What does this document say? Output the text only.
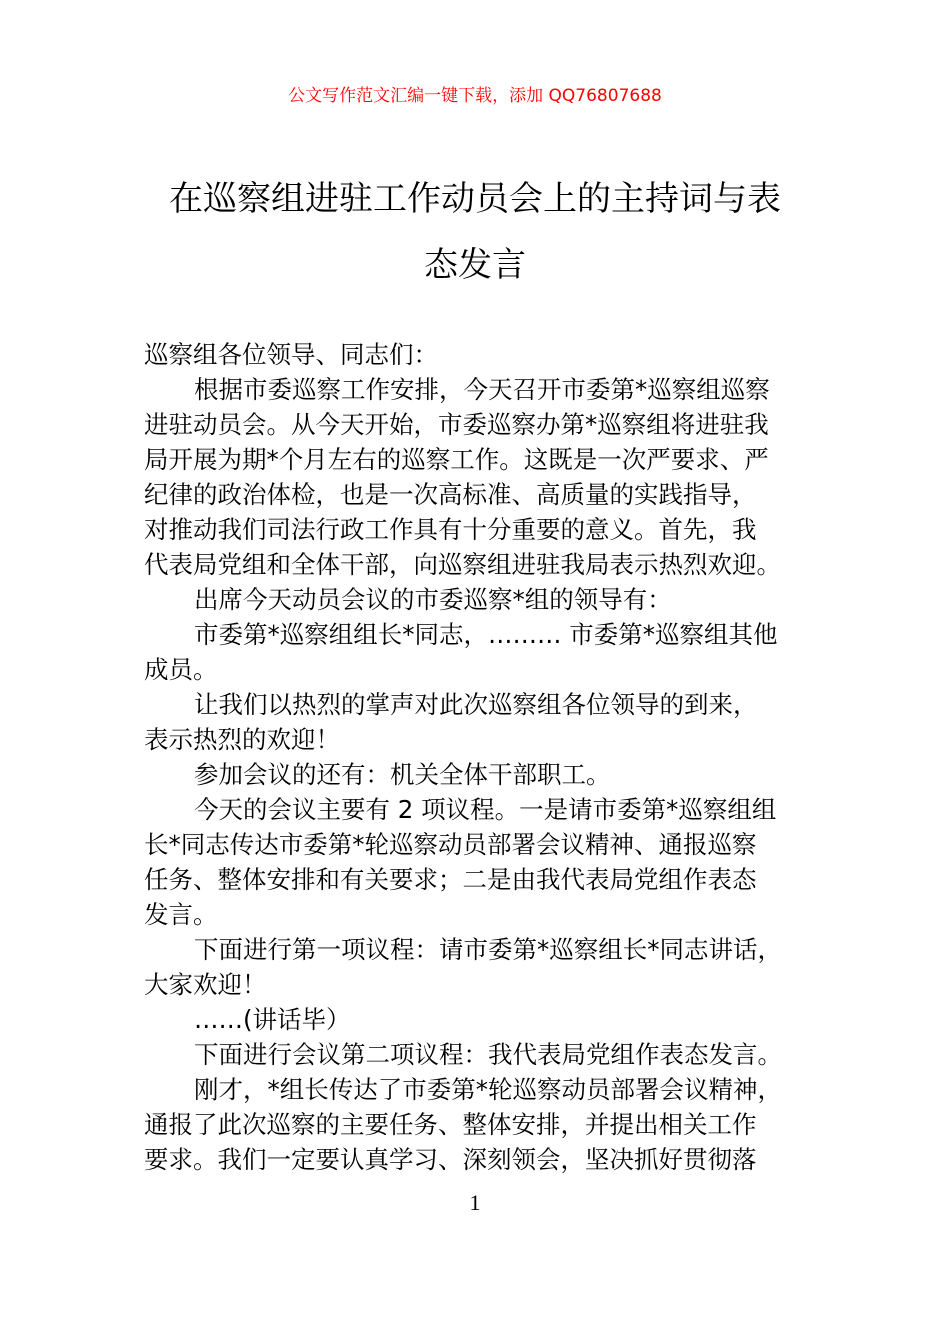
公文写作范文汇编一键下载，添加 QQ76807688
在巡察组进驻工作动员会上的主持词与表
态发言
巡察组各位领导、同志们：
根据市委巡察工作安排，今天召开市委第*巡察组巡察
进驻动员会。从今天开始，市委巡察办第*巡察组将进驻我
局开展为期*个月左右的巡察工作。这既是一次严要求、严
纪律的政治体检，也是一次高标准、高质量的实践指导，
对推动我们司法行政工作具有十分重要的意义。首先，我
代表局党组和全体干部，向巡察组进驻我局表示热烈欢迎。
出席今天动员会议的市委巡察*组的领导有：
市委第*巡察组组长*同志，……… 市委第*巡察组其他
成员。
让我们以热烈的掌声对此次巡察组各位领导的到来，
表示热烈的欢迎！
参加会议的还有：机关全体干部职工。
今天的会议主要有 2 项议程。一是请市委第*巡察组组
长*同志传达市委第*轮巡察动员部署会议精神、通报巡察
任务、整体安排和有关要求；二是由我代表局党组作表态
发言。
下面进行第一项议程：请市委第*巡察组长*同志讲话，
大家欢迎！
……(讲话毕）
下面进行会议第二项议程：我代表局党组作表态发言。
刚才，*组长传达了市委第*轮巡察动员部署会议精神，
通报了此次巡察的主要任务、整体安排，并提出相关工作
要求。我们一定要认真学习、深刻领会，坚决抓好贯彻落
1
